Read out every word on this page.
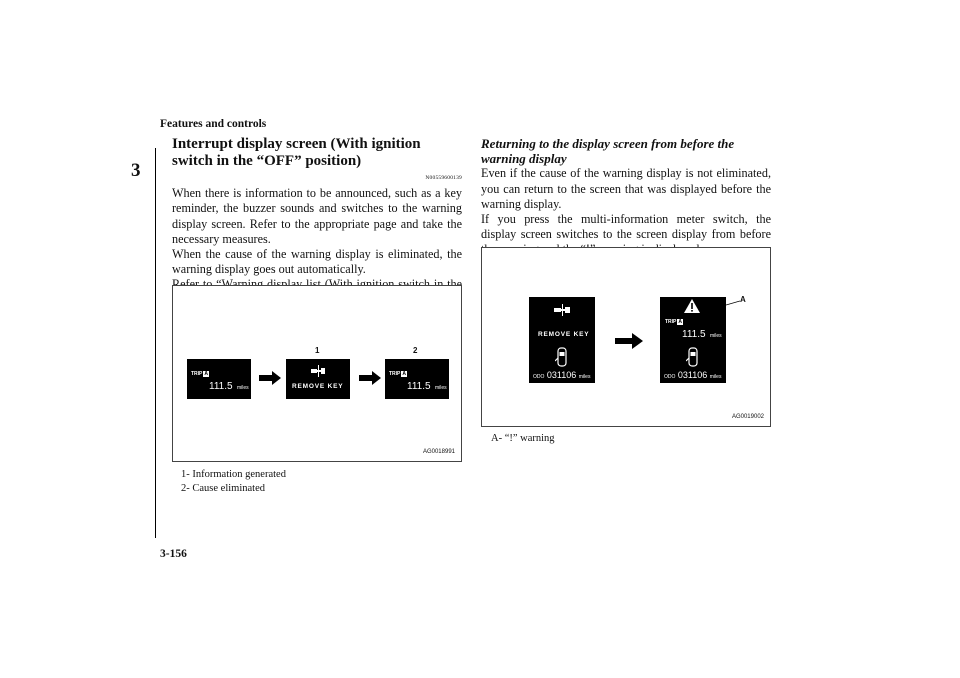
Features and controls
3
3-156
Interrupt display screen (With ignition switch in the “OFF” position)
N00559600139

When there is information to be announced, such as a key reminder, the buzzer sounds and switches to the warning display screen. Refer to the appropriate page and take the necessary measures.

When the cause of the warning display is eliminated, the warning display goes out automatically.

1	2
TRIP A
111.5 miles	REMOVE KEY
TRIP A
111.5 miles
AG0018991
1- Information generated
2- Cause eliminated
Returning to the display screen from before the warning display

Even if the cause of the warning display is not eliminated, you can return to the screen that was displayed before the warning display.

If you press the multi-information meter switch, the display screen switches to the screen display from before

REMOVE KEY
ODO 031106 miles
TRIP A
111.5 miles
ODO 031106 miles
A
AG0019002
A- “!” warning
